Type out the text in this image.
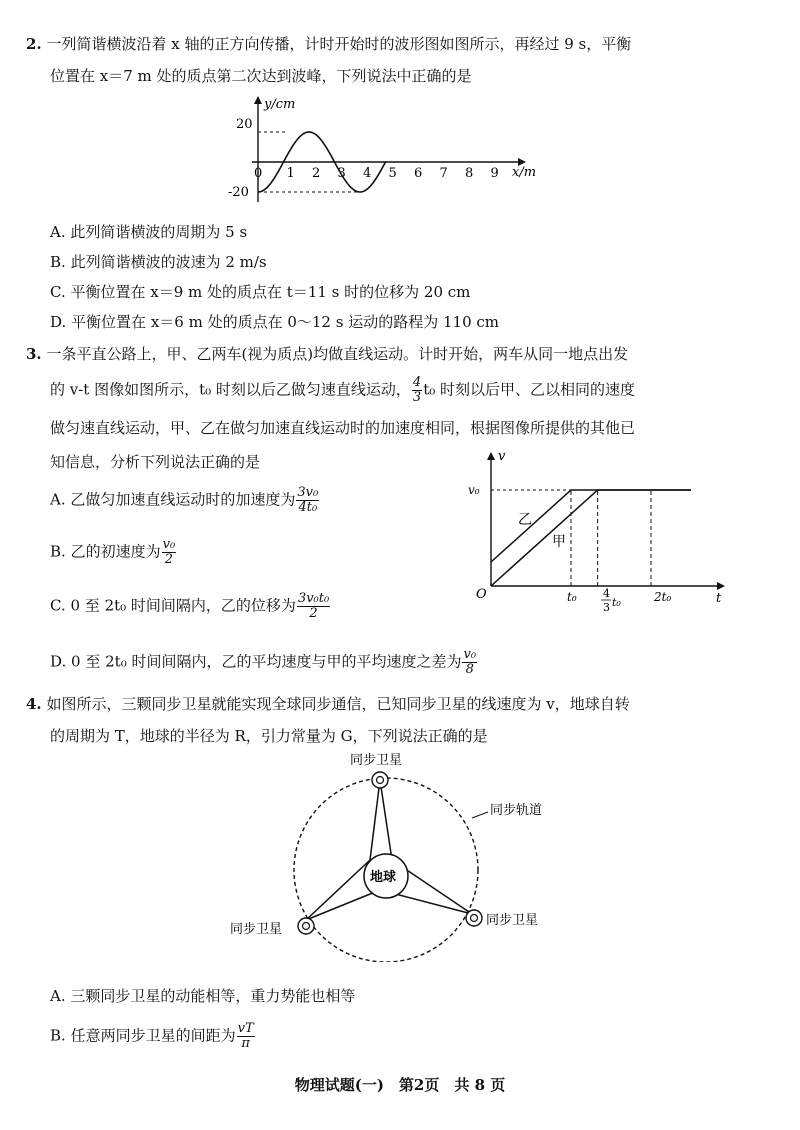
2. 一列简谐横波沿着 x 轴的正方向传播，计时开始时的波形图如图所示，再经过 9 s，平衡
位置在 x＝7 m 处的质点第二次达到波峰，下列说法中正确的是
y/cm
x/m
20
-20
0 1 2 3 4 5 6 7 8 9
A. 此列简谐横波的周期为 5 s
B. 此列简谐横波的波速为 2 m/s
C. 平衡位置在 x＝9 m 处的质点在 t＝11 s 时的位移为 20 cm
D. 平衡位置在 x＝6 m 处的质点在 0～12 s 运动的路程为 110 cm
3. 一条平直公路上，甲、乙两车(视为质点)均做直线运动。计时开始，两车从同一地点出发
的 v-t 图像如图所示，t₀ 时刻以后乙做匀速直线运动， $\frac{4}{3} t_0$ 时刻以后甲、乙以相同的速度
做匀速直线运动，甲、乙在做匀加速直线运动时的加速度相同，根据图像所提供的其他已
知信息，分析下列说法正确的是	v
t
O
v₀
乙
甲
t₀	2t₀
4
3 t₀
A. 乙做匀加速直线运动时的加速度为 $\frac{\text{3v₀}}{\text{4t₀}}$
B. 乙的初速度为 $\frac{\text{v₀}}{2}$
C. 0 至 2t₀ 时间间隔内，乙的位移为 $\frac{\text{3v₀t₀}}{2}$
D. 0 至 2t₀ 时间间隔内，乙的平均速度与甲的平均速度之差为 $\frac{\text{v₀}}{8}$
4. 如图所示，三颗同步卫星就能实现全球同步通信，已知同步卫星的线速度为 v，地球自转
的周期为 T，地球的半径为 R，引力常量为 G，下列说法正确的是
地球
同步卫星
同步卫星
同步卫星
同步轨道
A. 三颗同步卫星的动能相等，重力势能也相等
B. 任意两同步卫星的间距为 $\frac{vT}{\pi}$
物理试题(一)　第2页　共 8 页
